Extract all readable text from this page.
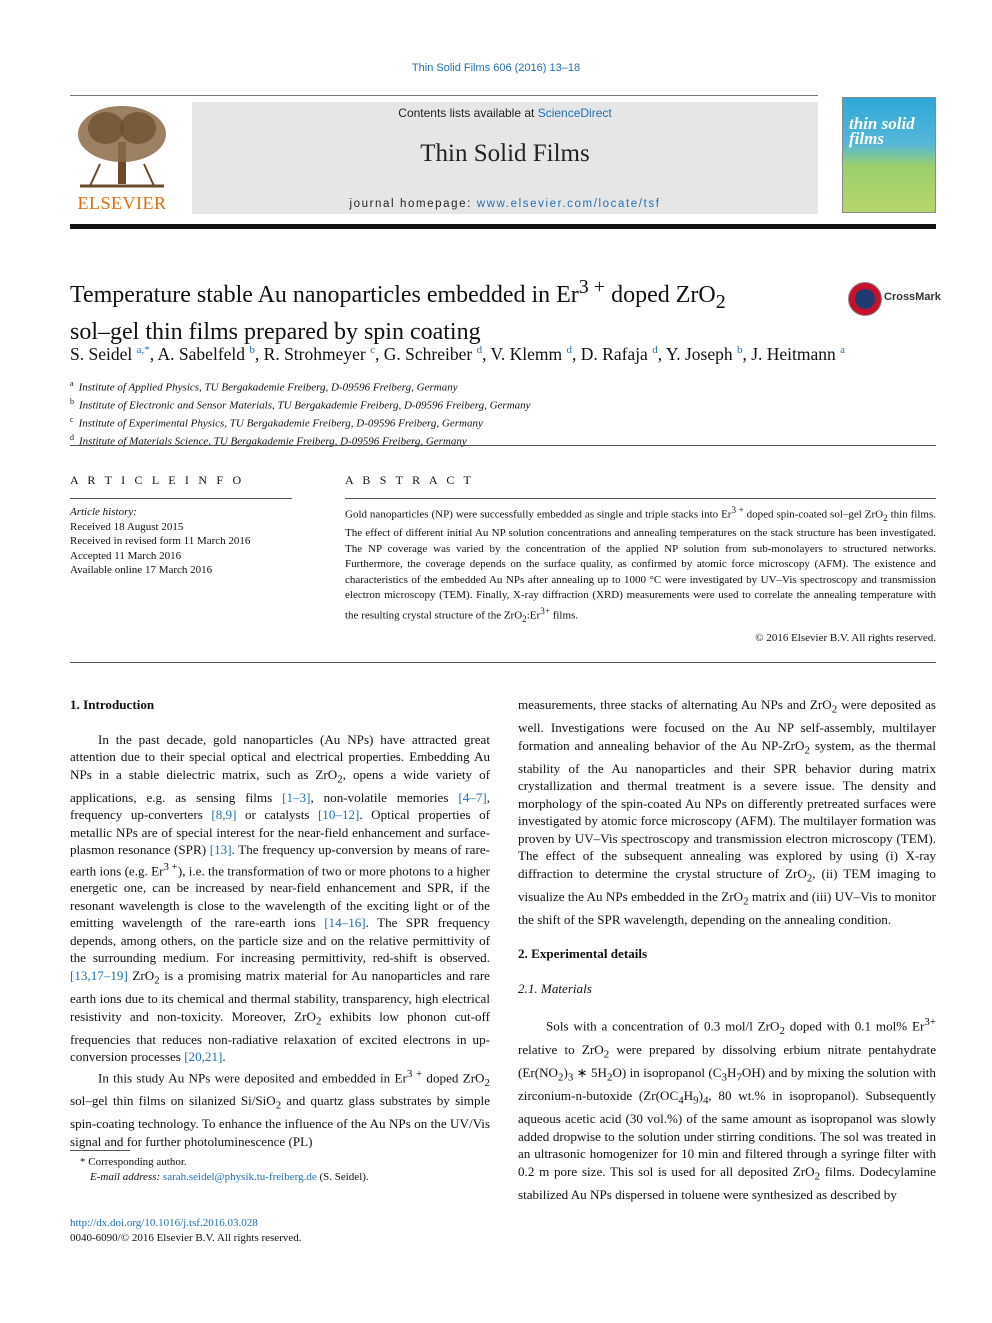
Thin Solid Films 606 (2016) 13–18
ELSEVIER
Contents lists available at ScienceDirect
Thin Solid Films
journal homepage: www.elsevier.com/locate/tsf
thin solid films
Temperature stable Au nanoparticles embedded in $Er^{3 +}$ doped ZrO$_2$
sol–gel thin films prepared by spin coating
CrossMark
S. Seidel $^{a,*}$, A. Sabelfeld $^b$, R. Strohmeyer $^c$, G. Schreiber $^d$, V. Klemm $^d$, D. Rafaja $^d$, Y. Joseph $^b$, J. Heitmann $^a$
$^a$ Institute of Applied Physics, TU Bergakademie Freiberg, D-09596 Freiberg, Germany
$^b$ Institute of Electronic and Sensor Materials, TU Bergakademie Freiberg, D-09596 Freiberg, Germany
$^c$ Institute of Experimental Physics, TU Bergakademie Freiberg, D-09596 Freiberg, Germany
$^d$ Institute of Materials Science, TU Bergakademie Freiberg, D-09596 Freiberg, Germany
A R T I C L E I N F O	A B S T R A C T
Article history:
Received 18 August 2015
Received in revised form 11 March 2016
Accepted 11 March 2016
Available online 17 March 2016
Gold nanoparticles (NP) were successfully embedded as single and triple stacks into $Er^{3 +}$ doped spin-coated sol–gel ZrO$_2$ thin films. The effect of different initial Au NP solution concentrations and annealing temperatures on the stack structure has been investigated. The NP coverage was varied by the concentration of the applied NP solution from sub-monolayers to structured networks. Furthermore, the coverage depends on the surface quality, as confirmed by atomic force microscopy (AFM). The existence and characteristics of the embedded Au NPs after annealing up to 1000 °C were investigated by UV–Vis spectroscopy and transmission electron microscopy (TEM). Finally, X-ray diffraction (XRD) measurements were used to correlate the annealing temperature with the resulting crystal structure of the $ZrO_2:Er^{3+}$ films.
© 2016 Elsevier B.V. All rights reserved.
1. Introduction

In the past decade, gold nanoparticles (Au NPs) have attracted great attention due to their special optical and electrical properties. Embedding Au NPs in a stable dielectric matrix, such as ZrO$_2$, opens a wide variety of applications, e.g. as sensing films [1–3], non-volatile memories [4–7], frequency up-converters [8,9] or catalysts [10–12]. Optical properties of metallic NPs are of special interest for the near-field enhancement and surface-plasmon resonance (SPR) [13]. The frequency up-conversion by means of rare-earth ions (e.g. $Er^{3 +}$), i.e. the transformation of two or more photons to a higher energetic one, can be increased by near-field enhancement and SPR, if the resonant wavelength is close to the wavelength of the exciting light or of the emitting wavelength of the rare-earth ions [14–16]. The SPR frequency depends, among others, on the particle size and on the relative permittivity of the surrounding medium. For increasing permittivity, red-shift is observed. [13,17–19] ZrO$_2$ is a promising matrix material for Au nanoparticles and rare earth ions due to its chemical and thermal stability, transparency, high electrical resistivity and non-toxicity. Moreover, ZrO$_2$ exhibits low phonon cut-off frequencies that reduces non-radiative relaxation of excited electrons in up-conversion processes [20,21].

In this study Au NPs were deposited and embedded in $Er^{3 +}$ doped ZrO$_2$ sol–gel thin films on silanized Si/SiO$_2$ and quartz glass substrates by simple spin-coating technology. To enhance the influence of the Au NPs on the UV/Vis signal and for further photoluminescence (PL)

measurements, three stacks of alternating Au NPs and ZrO$_2$ were deposited as well. Investigations were focused on the Au NP self-assembly, multilayer formation and annealing behavior of the Au NP-ZrO$_2$ system, as the thermal stability of the Au nanoparticles and their SPR behavior during matrix crystallization and thermal treatment is a severe issue. The density and morphology of the spin-coated Au NPs on differently pretreated surfaces were investigated by atomic force microscopy (AFM). The multilayer formation was proven by UV–Vis spectroscopy and transmission electron microscopy (TEM). The effect of the subsequent annealing was explored by using (i) X-ray diffraction to determine the crystal structure of ZrO$_2$, (ii) TEM imaging to visualize the Au NPs embedded in the ZrO$_2$ matrix and (iii) UV–Vis to monitor the shift of the SPR wavelength, depending on the annealing condition.

2. Experimental details
2.1. Materials

Sols with a concentration of 0.3 mol/l ZrO$_2$ doped with 0.1 mol% $Er^{3+}$ relative to ZrO$_2$ were prepared by dissolving erbium nitrate pentahydrate ($Er(NO_2)_3$ ∗ $5H_2O$) in isopropanol $(C_3H_7OH)$ and by mixing the solution with zirconium-n-butoxide ($Zr(OC_4H_9)_4$, 80 wt.% in isopropanol). Subsequently aqueous acetic acid (30 vol.%) of the same amount as isopropanol was slowly added dropwise to the solution under stirring conditions. The sol was treated in an ultrasonic homogenizer for 10 min and filtered through a syringe filter with 0.2 m pore size. This sol is used for all deposited ZrO$_2$ films. Dodecylamine stabilized Au NPs dispersed in toluene were synthesized as described by

* Corresponding author.
E-mail address: sarah.seidel@physik.tu-freiberg.de (S. Seidel).
http://dx.doi.org/10.1016/j.tsf.2016.03.028
0040-6090/© 2016 Elsevier B.V. All rights reserved.
